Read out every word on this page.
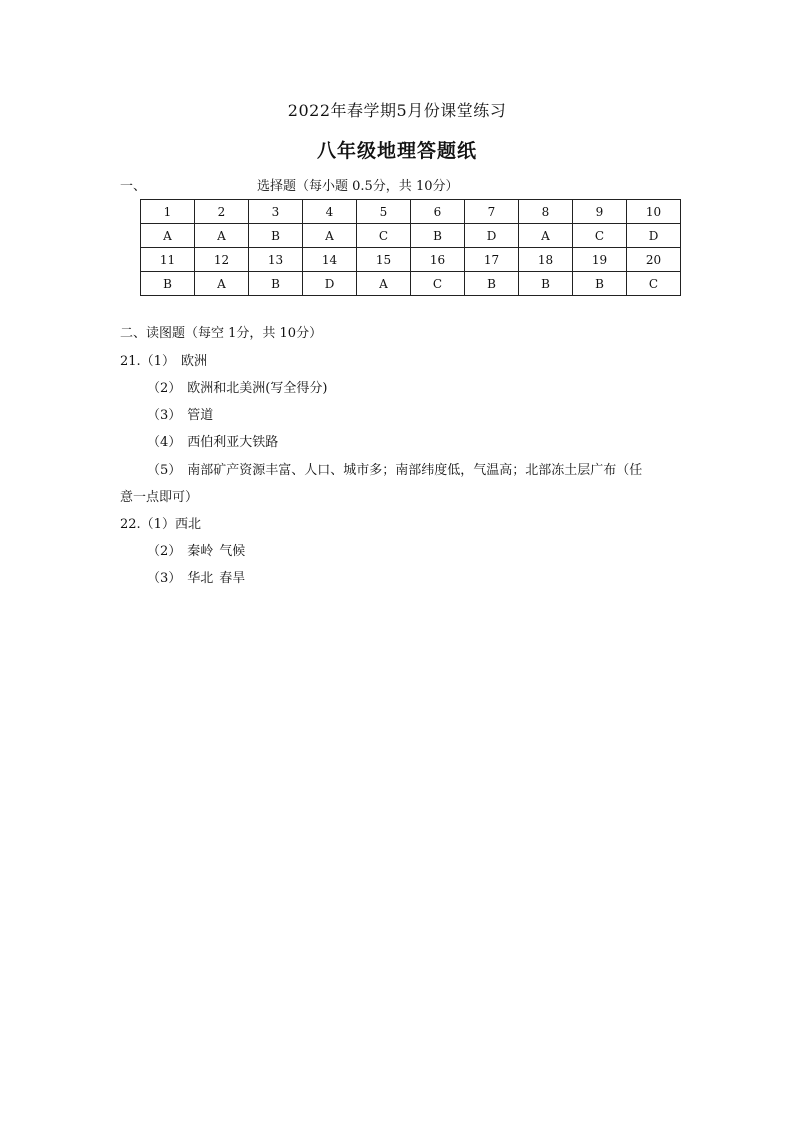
2022年春学期5月份课堂练习
八年级地理答题纸
一、	选择题（每小题 0.5分，共 10分）
1	2	3	4	5	6	7	8	9	10
A	A	B	A	C	B	D	A	C	D
11	12	13	14	15	16	17	18	19	20
B	A	B	D	A	C	B	B	B	C
二、读图题（每空 1分，共 10分）
21.（1） 欧洲
（2） 欧洲和北美洲(写全得分)
（3） 管道
（4） 西伯利亚大铁路
（5） 南部矿产资源丰富、人口、城市多；南部纬度低，气温高；北部冻土层广布（任
意一点即可）
22.（1）西北
（2） 秦岭 气候
（3） 华北 春旱
